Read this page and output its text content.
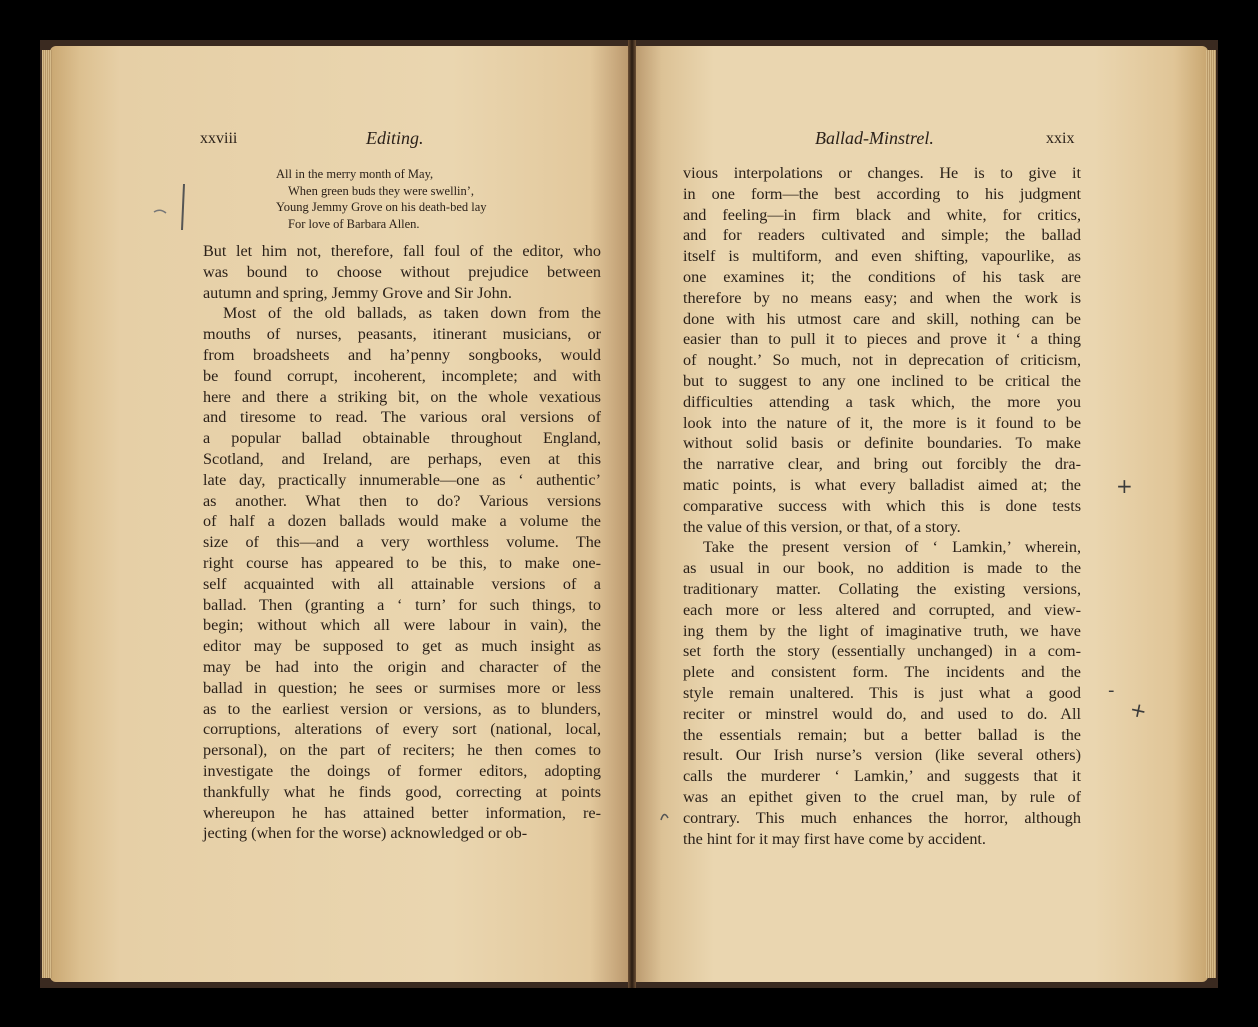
xxviii	Editing.
All in the merry month of May,
When green buds they were swellin’,
Young Jemmy Grove on his death-bed lay
For love of Barbara Allen.
But let him not, therefore, fall foul of the editor, who
was bound to choose without prejudice between
autumn and spring, Jemmy Grove and Sir John.
Most of the old ballads, as taken down from the
mouths of nurses, peasants, itinerant musicians, or
from broadsheets and ha’penny songbooks, would
be found corrupt, incoherent, incomplete; and with
here and there a striking bit, on the whole vexatious
and tiresome to read. The various oral versions of
a popular ballad obtainable throughout England,
Scotland, and Ireland, are perhaps, even at this
late day, practically innumerable—one as ‘ authentic’
as another. What then to do? Various versions
of half a dozen ballads would make a volume the
size of this—and a very worthless volume. The
right course has appeared to be this, to make one-
self acquainted with all attainable versions of a
ballad. Then (granting a ‘ turn’ for such things, to
begin; without which all were labour in vain), the
editor may be supposed to get as much insight as
may be had into the origin and character of the
ballad in question; he sees or surmises more or less
as to the earliest version or versions, as to blunders,
corruptions, alterations of every sort (national, local,
personal), on the part of reciters; he then comes to
investigate the doings of former editors, adopting
thankfully what he finds good, correcting at points
whereupon he has attained better information, re-
jecting (when for the worse) acknowledged or ob-
Ballad-Minstrel.	xxix
vious interpolations or changes. He is to give it
in one form—the best according to his judgment
and feeling—in firm black and white, for critics,
and for readers cultivated and simple; the ballad
itself is multiform, and even shifting, vapourlike, as
one examines it; the conditions of his task are
therefore by no means easy; and when the work is
done with his utmost care and skill, nothing can be
easier than to pull it to pieces and prove it ‘ a thing
of nought.’ So much, not in deprecation of criticism,
but to suggest to any one inclined to be critical the
difficulties attending a task which, the more you
look into the nature of it, the more is it found to be
without solid basis or definite boundaries. To make
the narrative clear, and bring out forcibly the dra-
matic points, is what every balladist aimed at; the
comparative success with which this is done tests
the value of this version, or that, of a story.
Take the present version of ‘ Lamkin,’ wherein,
as usual in our book, no addition is made to the
traditionary matter. Collating the existing versions,
each more or less altered and corrupted, and view-
ing them by the light of imaginative truth, we have
set forth the story (essentially unchanged) in a com-
plete and consistent form. The incidents and the
style remain unaltered. This is just what a good
reciter or minstrel would do, and used to do. All
the essentials remain; but a better ballad is the
result. Our Irish nurse’s version (like several others)
calls the murderer ‘ Lamkin,’ and suggests that it
was an epithet given to the cruel man, by rule of
contrary. This much enhances the horror, although
the hint for it may first have come by accident.
+
‐
+
